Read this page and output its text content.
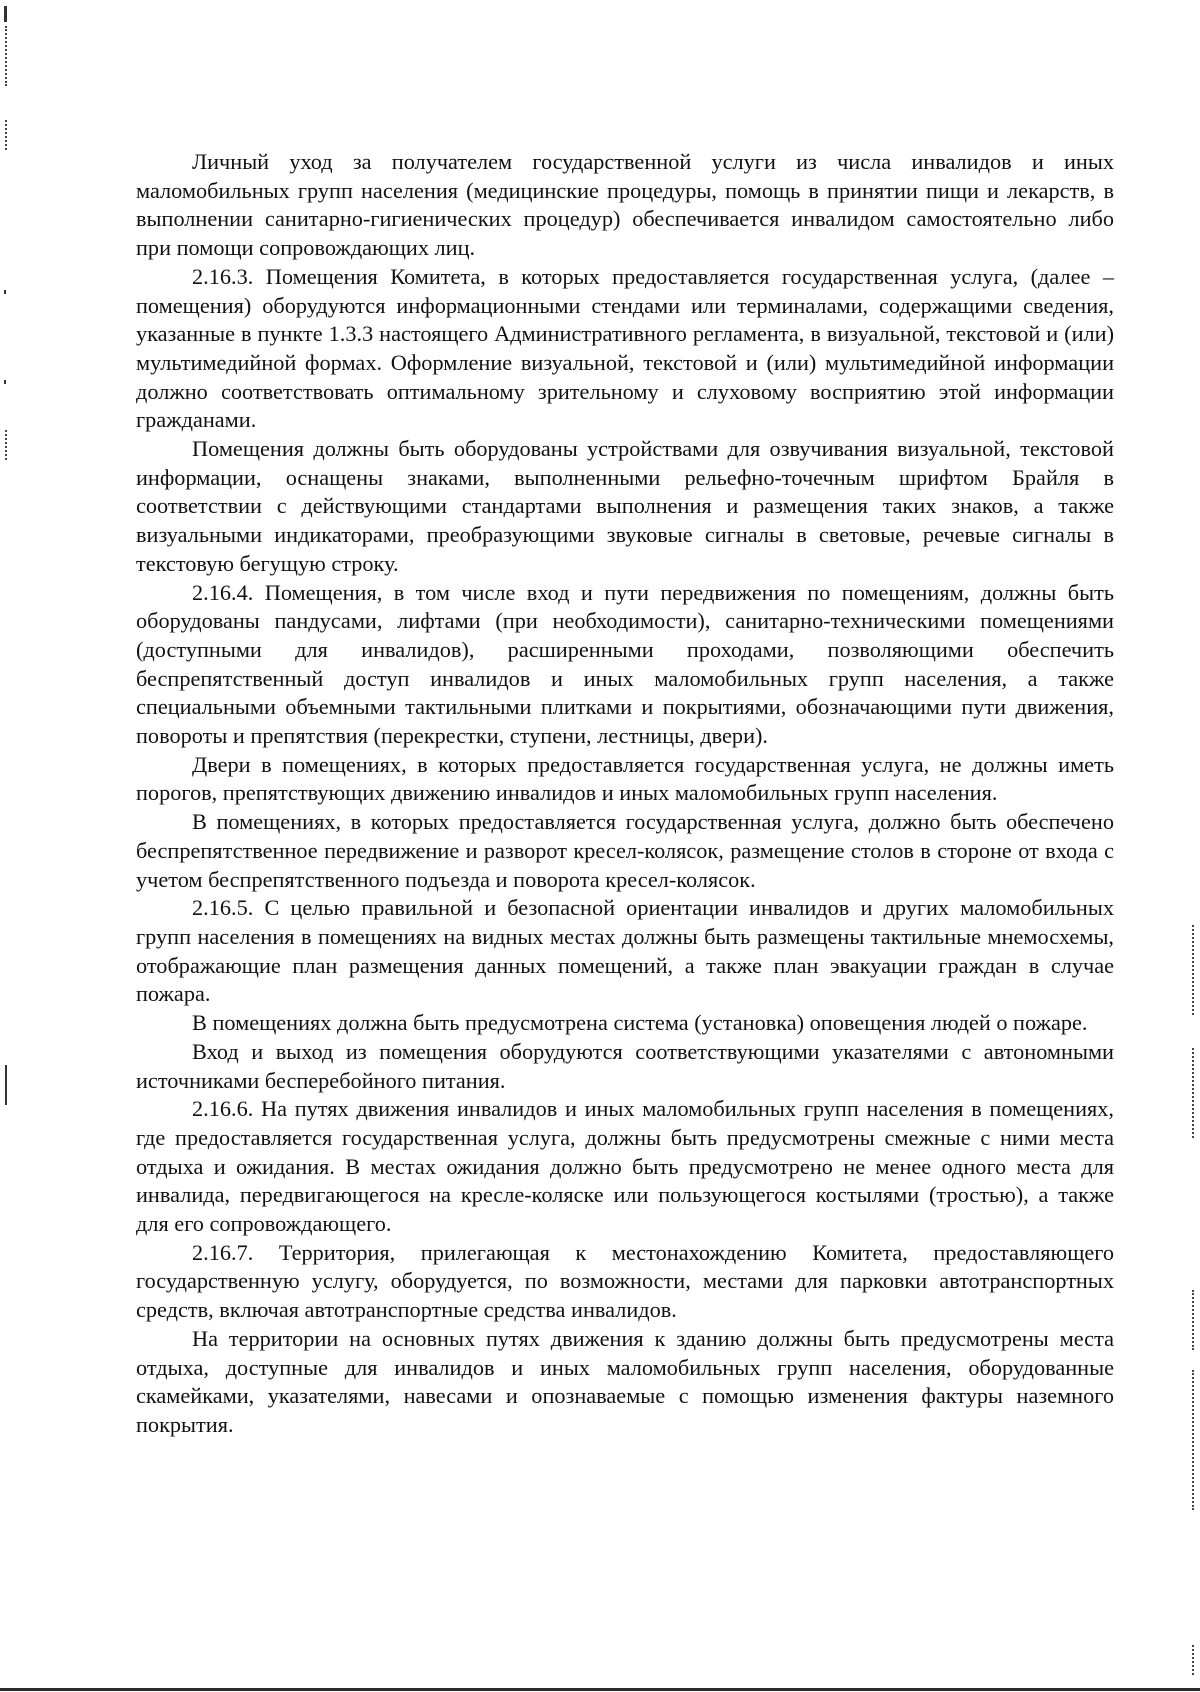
Личный уход за получателем государственной услуги из числа инвалидов и иных маломобильных групп населения (медицинские процедуры, помощь в принятии пищи и лекарств, в выполнении санитарно-гигиенических процедур) обеспечивается инвалидом самостоятельно либо при помощи сопровождающих лиц.

2.16.3. Помещения Комитета, в которых предоставляется государственная услуга, (далее – помещения) оборудуются информационными стендами или терминалами, содержащими сведения, указанные в пункте 1.3.3 настоящего Административного регламента, в визуальной, текстовой и (или) мультимедийной формах. Оформление визуальной, текстовой и (или) мультимедийной информации должно соответствовать оптимальному зрительному и слуховому восприятию этой информации гражданами.

Помещения должны быть оборудованы устройствами для озвучивания визуальной, текстовой информации, оснащены знаками, выполненными рельефно-точечным шрифтом Брайля в соответствии с действующими стандартами выполнения и размещения таких знаков, а также визуальными индикаторами, преобразующими звуковые сигналы в световые, речевые сигналы в текстовую бегущую строку.

2.16.4. Помещения, в том числе вход и пути передвижения по помещениям, должны быть оборудованы пандусами, лифтами (при необходимости), санитарно-техническими помещениями (доступными для инвалидов), расширенными проходами, позволяющими обеспечить беспрепятственный доступ инвалидов и иных маломобильных групп населения, а также специальными объемными тактильными плитками и покрытиями, обозначающими пути движения, повороты и препятствия (перекрестки, ступени, лестницы, двери).

Двери в помещениях, в которых предоставляется государственная услуга, не должны иметь порогов, препятствующих движению инвалидов и иных маломобильных групп населения.

В помещениях, в которых предоставляется государственная услуга, должно быть обеспечено беспрепятственное передвижение и разворот кресел-колясок, размещение столов в стороне от входа с учетом беспрепятственного подъезда и поворота кресел-колясок.

2.16.5. С целью правильной и безопасной ориентации инвалидов и других маломобильных групп населения в помещениях на видных местах должны быть размещены тактильные мнемосхемы, отображающие план размещения данных помещений, а также план эвакуации граждан в случае пожара.

В помещениях должна быть предусмотрена система (установка) оповещения людей о пожаре.

Вход и выход из помещения оборудуются соответствующими указателями с автономными источниками бесперебойного питания.

2.16.6. На путях движения инвалидов и иных маломобильных групп населения в помещениях, где предоставляется государственная услуга, должны быть предусмотрены смежные с ними места отдыха и ожидания. В местах ожидания должно быть предусмотрено не менее одного места для инвалида, передвигающегося на кресле-коляске или пользующегося костылями (тростью), а также для его сопровождающего.

2.16.7. Территория, прилегающая к местонахождению Комитета, предоставляющего государственную услугу, оборудуется, по возможности, местами для парковки автотранспортных средств, включая автотранспортные средства инвалидов.

На территории на основных путях движения к зданию должны быть предусмотрены места отдыха, доступные для инвалидов и иных маломобильных групп населения, оборудованные скамейками, указателями, навесами и опознаваемые с помощью изменения фактуры наземного покрытия.
